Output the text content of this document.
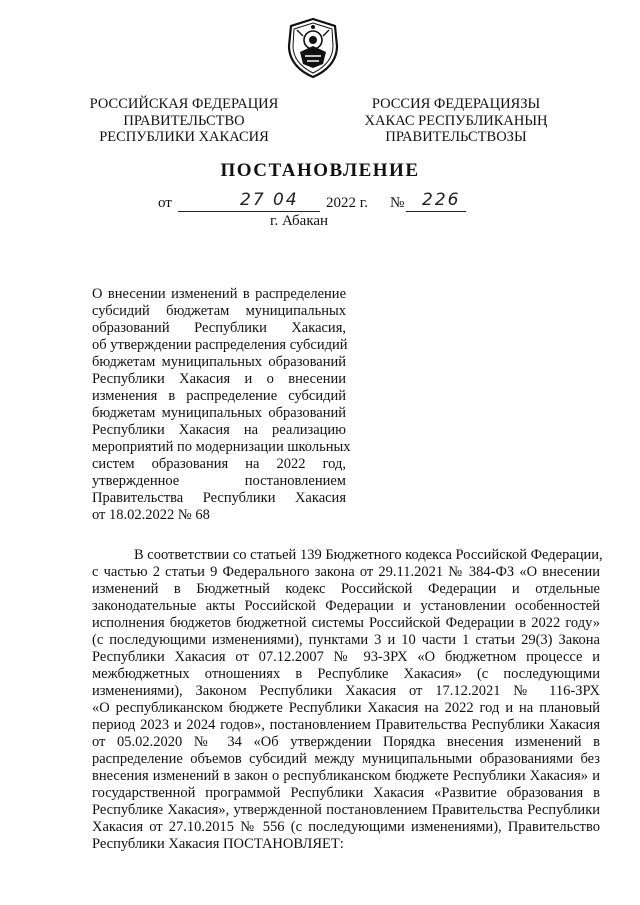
РОССИЙСКАЯ ФЕДЕРАЦИЯ
ПРАВИТЕЛЬСТВО
РЕСПУБЛИКИ ХАКАСИЯ
РОССИЯ ФЕДЕРАЦИЯЗЫ
ХАКАС РЕСПУБЛИКАНЫҢ
ПРАВИТЕЛЬСТВОЗЫ
ПОСТАНОВЛЕНИЕ
от	27 04 2022 г. № 226
г. Абакан
О внесении изменений в распределение
субсидий бюджетам муниципальных
образований Республики Хакасия,
об утверждении распределения субсидий
бюджетам муниципальных образований
Республики Хакасия и о внесении
изменения в распределение субсидий
бюджетам муниципальных образований
Республики Хакасия на реализацию
мероприятий по модернизации школьных
систем образования на 2022 год,
утвержденное постановлением
Правительства Республики Хакасия
от 18.02.2022 № 68
В соответствии со статьей 139 Бюджетного кодекса Российской Федерации,
с частью 2 статьи 9 Федерального закона от 29.11.2021 № 384-ФЗ «О внесении
изменений в Бюджетный кодекс Российской Федерации и отдельные
законодательные акты Российской Федерации и установлении особенностей
исполнения бюджетов бюджетной системы Российской Федерации в 2022 году»
(с последующими изменениями), пунктами 3 и 10 части 1 статьи 29(3) Закона
Республики Хакасия от 07.12.2007 № 93-ЗРХ «О бюджетном процессе и
межбюджетных отношениях в Республике Хакасия» (с последующими
изменениями), Законом Республики Хакасия от 17.12.2021 № 116-ЗРХ
«О республиканском бюджете Республики Хакасия на 2022 год и на плановый
период 2023 и 2024 годов», постановлением Правительства Республики Хакасия
от 05.02.2020 № 34 «Об утверждении Порядка внесения изменений в
распределение объемов субсидий между муниципальными образованиями без
внесения изменений в закон о республиканском бюджете Республики Хакасия» и
государственной программой Республики Хакасия «Развитие образования в
Республике Хакасия», утвержденной постановлением Правительства Республики
Хакасия от 27.10.2015 № 556 (с последующими изменениями), Правительство
Республики Хакасия ПОСТАНОВЛЯЕТ:
